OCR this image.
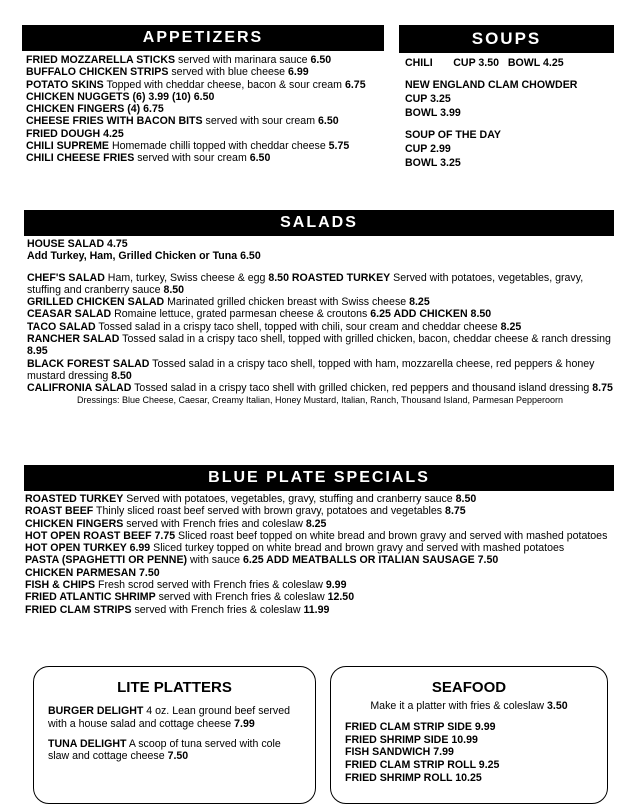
APPETIZERS

FRIED MOZZARELLA STICKS served with marinara sauce 6.50

BUFFALO CHICKEN STRIPS served with blue cheese 6.99

POTATO SKINS Topped with cheddar cheese, bacon & sour cream 6.75

CHICKEN NUGGETS (6) 3.99 (10) 6.50

CHICKEN FINGERS (4) 6.75

CHEESE FRIES WITH BACON BITS served with sour cream 6.50

FRIED DOUGH 4.25

CHILI SUPREME Homemade chilli topped with cheddar cheese 5.75

CHILI CHEESE FRIES served with sour cream 6.50

SOUPS

CHILI CUP 3.50 BOWL 4.25

NEW ENGLAND CLAM CHOWDER

CUP 3.25

BOWL 3.99

SOUP OF THE DAY

CUP 2.99

BOWL 3.25

SALADS

HOUSE SALAD 4.75

Add Turkey, Ham, Grilled Chicken or Tuna 6.50

CHEF'S SALAD Ham, turkey, Swiss cheese & egg 8.50 ROASTED TURKEY Served with potatoes, vegetables, gravy, stuffing and cranberry sauce 8.50

GRILLED CHICKEN SALAD Marinated grilled chicken breast with Swiss cheese 8.25

CEASAR SALAD Romaine lettuce, grated parmesan cheese & croutons 6.25 ADD CHICKEN 8.50

TACO SALAD Tossed salad in a crispy taco shell, topped with chili, sour cream and cheddar cheese 8.25

RANCHER SALAD Tossed salad in a crispy taco shell, topped with grilled chicken, bacon, cheddar cheese & ranch dressing 8.95

BLACK FOREST SALAD Tossed salad in a crispy taco shell, topped with ham, mozzarella cheese, red peppers & honey mustard dressing 8.50

CALIFRONIA SALAD Tossed salad in a crispy taco shell with grilled chicken, red peppers and thousand island dressing 8.75

Dressings: Blue Cheese, Caesar, Creamy Italian, Honey Mustard, Italian, Ranch, Thousand Island, Parmesan Pepperoorn

BLUE PLATE SPECIALS

ROASTED TURKEY Served with potatoes, vegetables, gravy, stuffing and cranberry sauce 8.50

ROAST BEEF Thinly sliced roast beef served with brown gravy, potatoes and vegetables 8.75

CHICKEN FINGERS served with French fries and coleslaw 8.25

HOT OPEN ROAST BEEF 7.75 Sliced roast beef topped on white bread and brown gravy and served with mashed potatoes

HOT OPEN TURKEY 6.99 Sliced turkey topped on white bread and brown gravy and served with mashed potatoes

PASTA (SPAGHETTI OR PENNE) with sauce 6.25 ADD MEATBALLS OR ITALIAN SAUSAGE 7.50

CHICKEN PARMESAN 7.50

FISH & CHIPS Fresh scrod served with French fries & coleslaw 9.99

FRIED ATLANTIC SHRIMP served with French fries & coleslaw 12.50

FRIED CLAM STRIPS served with French fries & coleslaw 11.99

LITE PLATTERS

BURGER DELIGHT 4 oz. Lean ground beef served with a house salad and cottage cheese 7.99

TUNA DELIGHT A scoop of tuna served with cole slaw and cottage cheese 7.50

SEAFOOD

Make it a platter with fries & coleslaw 3.50

FRIED CLAM STRIP SIDE 9.99

FRIED SHRIMP SIDE 10.99

FISH SANDWICH 7.99

FRIED CLAM STRIP ROLL 9.25

FRIED SHRIMP ROLL 10.25
